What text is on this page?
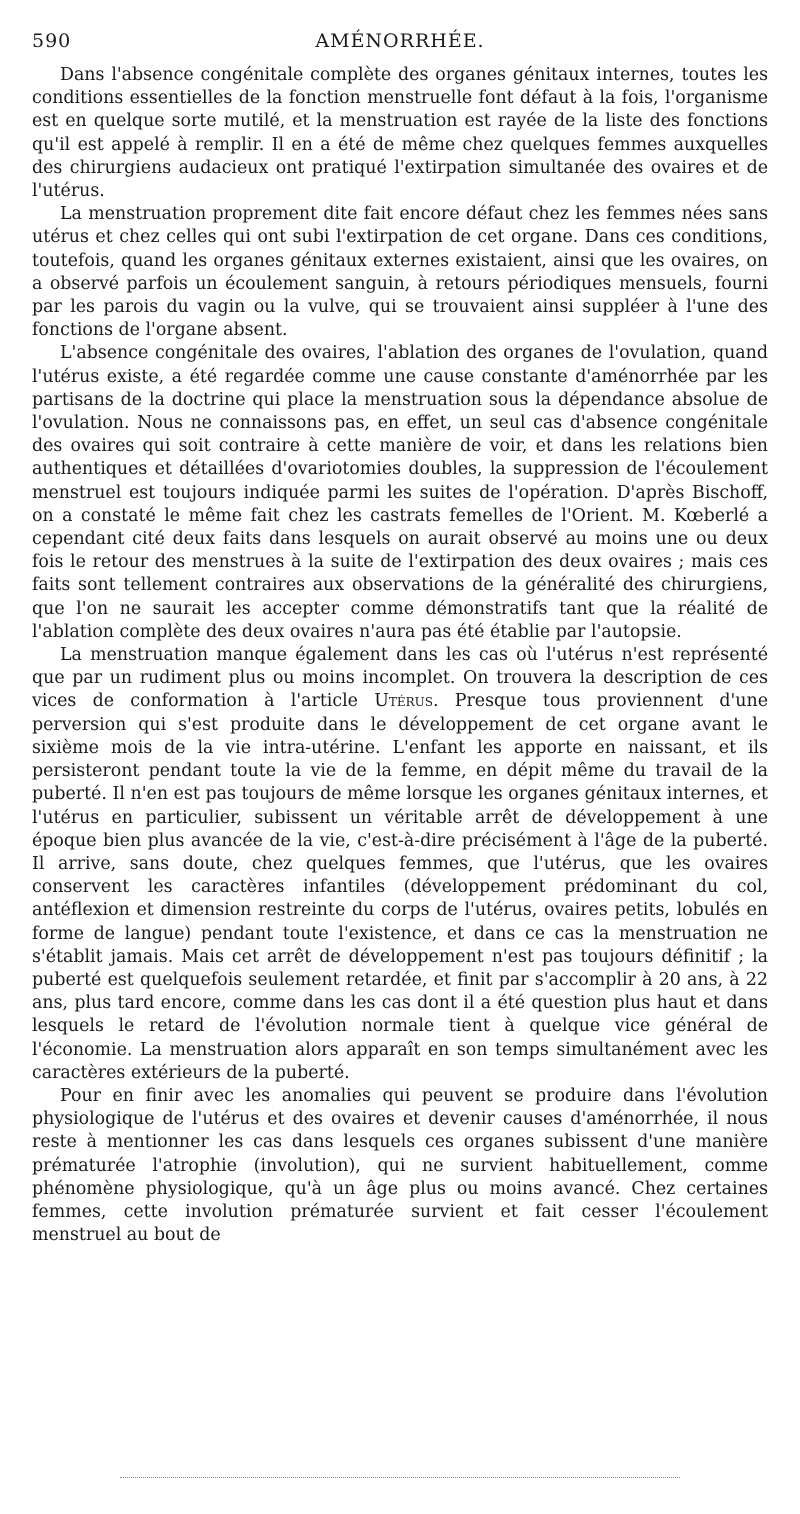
590	AMÉNORRHÉE.

Dans l'absence congénitale complète des organes génitaux internes, toutes les conditions essentielles de la fonction menstruelle font défaut à la fois, l'organisme est en quelque sorte mutilé, et la menstruation est rayée de la liste des fonctions qu'il est appelé à remplir. Il en a été de même chez quelques femmes auxquelles des chirurgiens audacieux ont pratiqué l'extirpation simultanée des ovaires et de l'utérus.

La menstruation proprement dite fait encore défaut chez les femmes nées sans utérus et chez celles qui ont subi l'extirpation de cet organe. Dans ces conditions, toutefois, quand les organes génitaux externes existaient, ainsi que les ovaires, on a observé parfois un écoulement sanguin, à retours périodiques mensuels, fourni par les parois du vagin ou la vulve, qui se trouvaient ainsi suppléer à l'une des fonctions de l'organe absent.

L'absence congénitale des ovaires, l'ablation des organes de l'ovulation, quand l'utérus existe, a été regardée comme une cause constante d'aménorrhée par les partisans de la doctrine qui place la menstruation sous la dépendance absolue de l'ovulation. Nous ne connaissons pas, en effet, un seul cas d'absence congénitale des ovaires qui soit contraire à cette manière de voir, et dans les relations bien authentiques et détaillées d'ovariotomies doubles, la suppression de l'écoulement menstruel est toujours indiquée parmi les suites de l'opération. D'après Bischoff, on a constaté le même fait chez les castrats femelles de l'Orient. M. Kœberlé a cependant cité deux faits dans lesquels on aurait observé au moins une ou deux fois le retour des menstrues à la suite de l'extirpation des deux ovaires ; mais ces faits sont tellement contraires aux observations de la généralité des chirurgiens, que l'on ne saurait les accepter comme démonstratifs tant que la réalité de l'ablation complète des deux ovaires n'aura pas été établie par l'autopsie.

La menstruation manque également dans les cas où l'utérus n'est représenté que par un rudiment plus ou moins incomplet. On trouvera la description de ces vices de conformation à l'article Utérus. Presque tous proviennent d'une perversion qui s'est produite dans le développement de cet organe avant le sixième mois de la vie intra-utérine. L'enfant les apporte en naissant, et ils persisteront pendant toute la vie de la femme, en dépit même du travail de la puberté. Il n'en est pas toujours de même lorsque les organes génitaux internes, et l'utérus en particulier, subissent un véritable arrêt de développement à une époque bien plus avancée de la vie, c'est-à-dire précisément à l'âge de la puberté. Il arrive, sans doute, chez quelques femmes, que l'utérus, que les ovaires conservent les caractères infantiles (développement prédominant du col, antéflexion et dimension restreinte du corps de l'utérus, ovaires petits, lobulés en forme de langue) pendant toute l'existence, et dans ce cas la menstruation ne s'établit jamais. Mais cet arrêt de développement n'est pas toujours définitif ; la puberté est quelquefois seulement retardée, et finit par s'accomplir à 20 ans, à 22 ans, plus tard encore, comme dans les cas dont il a été question plus haut et dans lesquels le retard de l'évolution normale tient à quelque vice général de l'économie. La menstruation alors apparaît en son temps simultanément avec les caractères extérieurs de la puberté.

Pour en finir avec les anomalies qui peuvent se produire dans l'évolution physiologique de l'utérus et des ovaires et devenir causes d'aménorrhée, il nous reste à mentionner les cas dans lesquels ces organes subissent d'une manière prématurée l'atrophie (involution), qui ne survient habituellement, comme phénomène physiologique, qu'à un âge plus ou moins avancé. Chez certaines femmes, cette involution prématurée survient et fait cesser l'écoulement menstruel au bout de
